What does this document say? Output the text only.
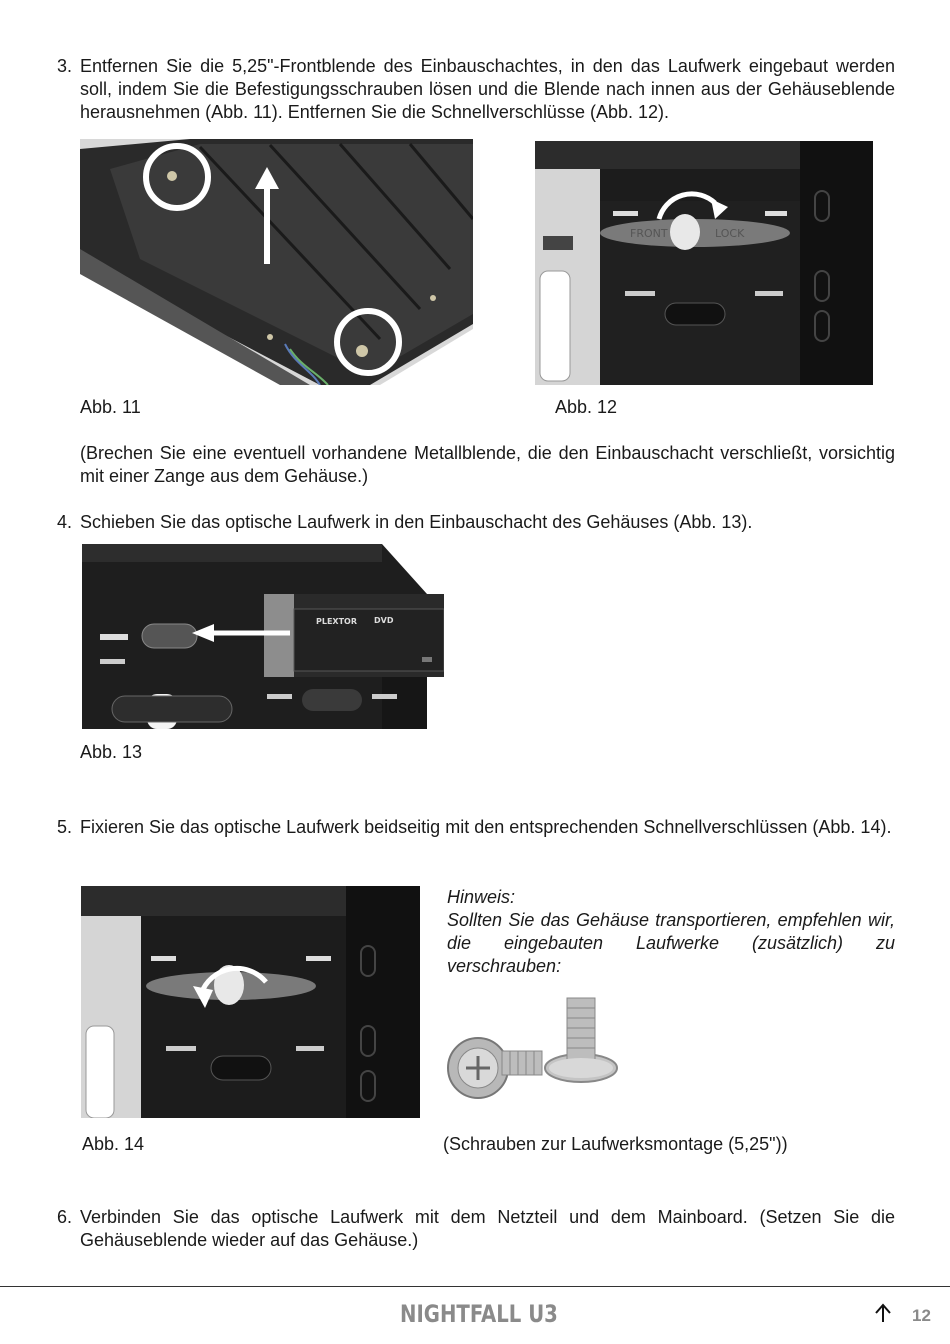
3. Entfernen Sie die 5,25"-Frontblende des Einbauschachtes, in den das Laufwerk eingebaut werden soll, indem Sie die Befestigungsschrauben lösen und die Blende nach innen aus der Gehäuseblende herausnehmen (Abb. 11). Entfernen Sie die Schnellverschlüsse (Abb. 12).
FRONT	LOCK
Abb. 11	Abb. 12

(Brechen Sie eine eventuell vorhandene Metallblende, die den Einbauschacht verschließt, vorsichtig mit einer Zange aus dem Gehäuse.)

4. Schieben Sie das optische Laufwerk in den Einbauschacht des Gehäuses (Abb. 13).
PLEXTOR DVD
Abb. 13
5. Fixieren Sie das optische Laufwerk beidseitig mit den entsprechenden Schnellverschlüssen (Abb. 14).
Abb. 14
Hinweis:
Sollten Sie das Gehäuse transportieren, empfehlen wir, die eingebauten Laufwerke (zusätzlich) zu verschrauben:
(Schrauben zur Laufwerksmontage (5,25"))
6. Verbinden Sie das optische Laufwerk mit dem Netzteil und dem Mainboard. (Setzen Sie die Gehäuseblende wieder auf das Gehäuse.)
NIGHTFALL U3	12
